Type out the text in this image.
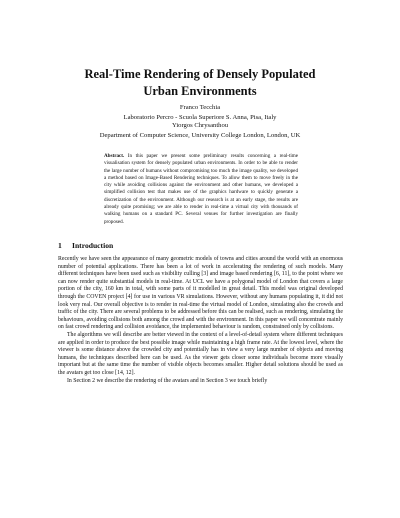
Real-Time Rendering of Densely Populated
Urban Environments
Franco Tecchia
Laboratorio Percro - Scuola Superiore S. Anna, Pisa, Italy
Yiorgos Chrysanthou
Department of Computer Science, University College London, London, UK
Abstract. In this paper we present some preliminary results concerning a real-time visualisation system for densely populated urban environments. In order to be able to render the large number of humans without compromising too much the image quality, we developed a method based on Image-Based Rendering techniques. To allow them to move freely in the city while avoiding collisions against the environment and other humans, we developed a simplified collision test that makes use of the graphics hardware to quickly generate a discretization of the environment. Although our research is at an early stage, the results are already quite promising; we are able to render in real-time a virtual city with thousands of walking humans on a standard PC. Several venues for further investigation are finally proposed.
1 Introduction

Recently we have seen the appearance of many geometric models of towns and cities around the world with an enormous number of potential applications. There has been a lot of work in accelerating the rendering of such models. Many different techniques have been used such as visibility culling [3] and image based rendering [6, 11], to the point where we can now render quite substantial models in real-time. At UCL we have a polygonal model of London that covers a large portion of the city, 160 km in total, with some parts of it modelled in great detail. This model was original developed through the COVEN project [4] for use in various VR simulations. However, without any humans populating it, it did not look very real. Our overall objective is to render in real-time the virtual model of London, simulating also the crowds and traffic of the city. There are several problems to be addressed before this can be realised, such as rendering, simulating the behaviours, avoiding collisions both among the crowd and with the environment. In this paper we will concentrate mainly on fast crowd rendering and collision avoidance, the implemented behaviour is random, constrained only by collisions.

The algorithms we will describe are better viewed in the context of a level-of-detail system where different techniques are applied in order to produce the best possible image while maintaining a high frame rate. At the lowest level, where the viewer is some distance above the crowded city and potentially has in view a very large number of objects and moving humans, the techniques described here can be used. As the viewer gets closer some individuals become more visually important but at the same time the number of visible objects becomes smaller. Higher detail solutions should be used as the avatars get too close [14, 12].

In Section 2 we describe the rendering of the avatars and in Section 3 we touch briefly
